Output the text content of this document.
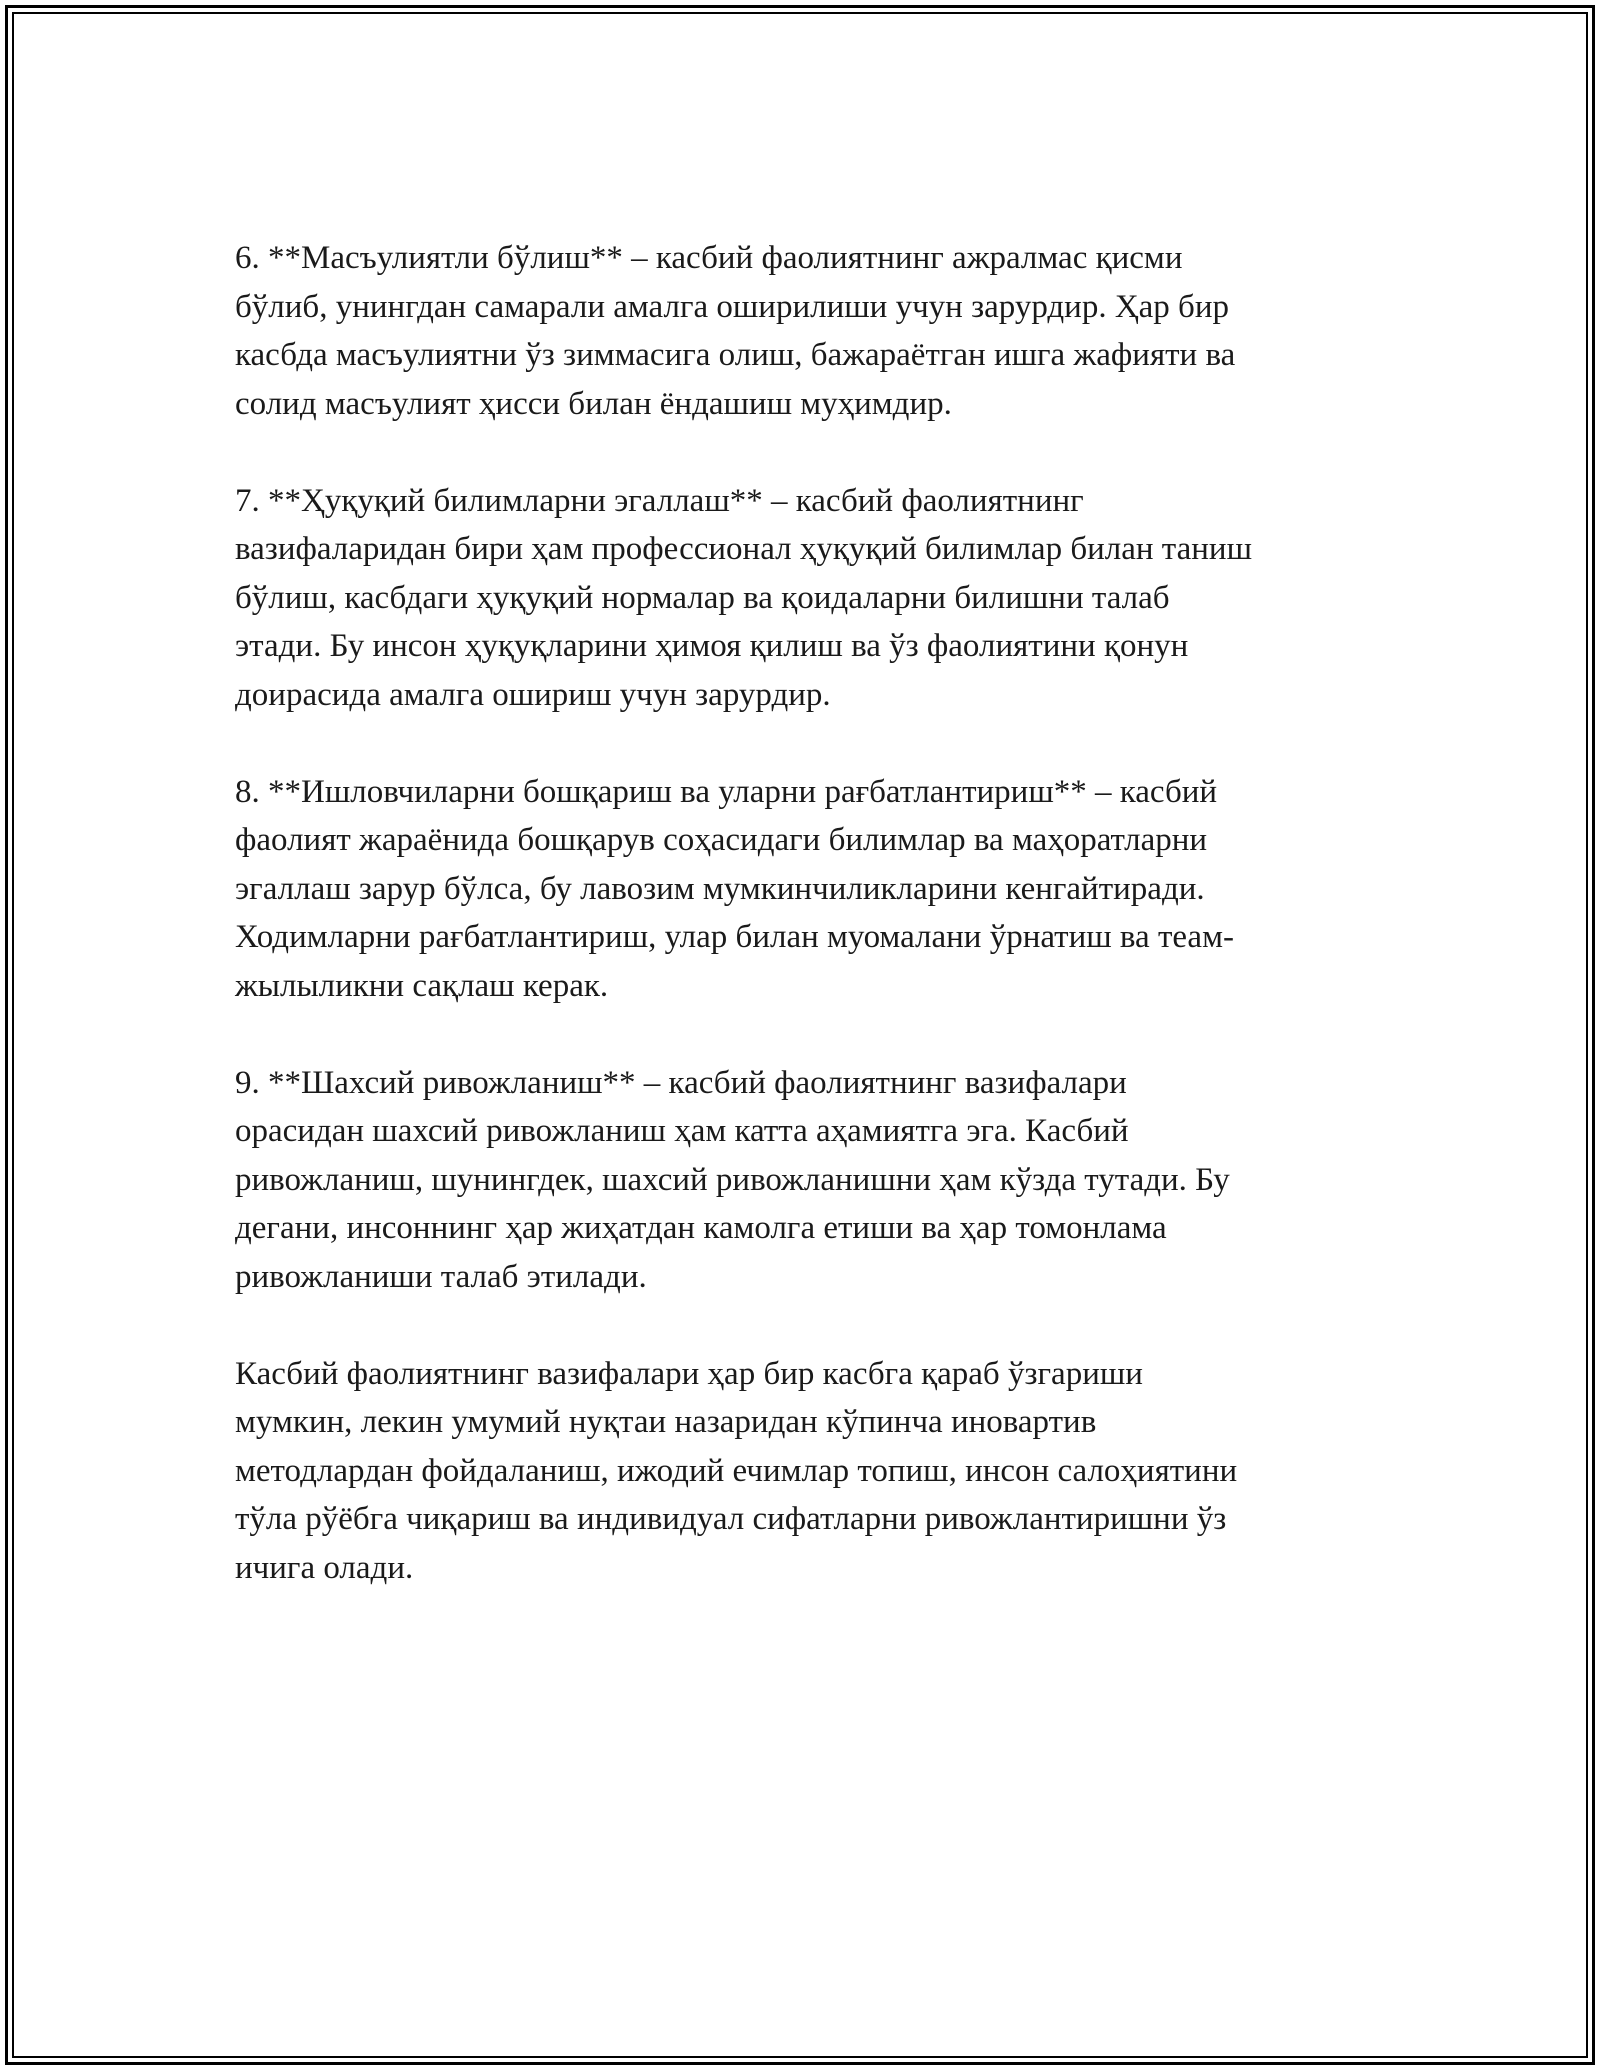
6. **Масъулиятли бўлиш** – касбий фаолиятнинг ажралмас қисми
бўлиб, унингдан самарали амалга оширилиши учун зарурдир. Ҳар бир
касбда масъулиятни ўз зиммасига олиш, бажараётган ишга жафияти ва
солид масъулият ҳисси билан ёндашиш муҳимдир.

7. **Ҳуқуқий билимларни эгаллаш** – касбий фаолиятнинг
вазифаларидан бири ҳам профессионал ҳуқуқий билимлар билан таниш
бўлиш, касбдаги ҳуқуқий нормалар ва қоидаларни билишни талаб
этади. Бу инсон ҳуқуқларини ҳимоя қилиш ва ўз фаолиятини қонун
доирасида амалга ошириш учун зарурдир.

8. **Ишловчиларни бошқариш ва уларни рағбатлантириш** – касбий
фаолият жараёнида бошқарув соҳасидаги билимлар ва маҳоратларни
эгаллаш зарур бўлса, бу лавозим мумкинчиликларини кенгайтиради.
Ходимларни рағбатлантириш, улар билан муомалани ўрнатиш ва теам-
жылыликни сақлаш керак.

9. **Шахсий ривожланиш** – касбий фаолиятнинг вазифалари
орасидан шахсий ривожланиш ҳам катта аҳамиятга эга. Касбий
ривожланиш, шунингдек, шахсий ривожланишни ҳам кўзда тутади. Бу
дегани, инсоннинг ҳар жиҳатдан камолга етиши ва ҳар томонлама
ривожланиши талаб этилади.

Касбий фаолиятнинг вазифалари ҳар бир касбга қараб ўзгариши
мумкин, лекин умумий нуқтаи назаридан кўпинча иновартив
методлардан фойдаланиш, ижодий ечимлар топиш, инсон салоҳиятини
тўла рўёбга чиқариш ва индивидуал сифатларни ривожлантиришни ўз
ичига олади.
